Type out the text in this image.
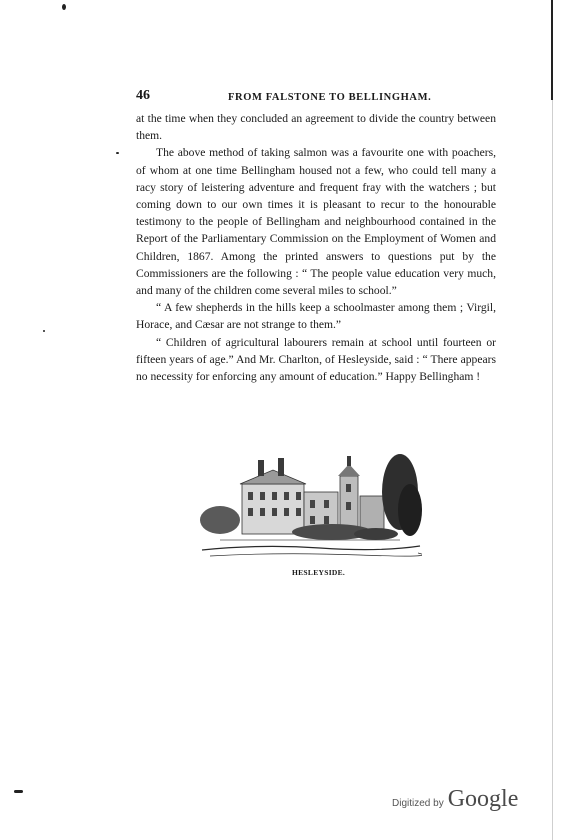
46	FROM FALSTONE TO BELLINGHAM.

at the time when they concluded an agreement to divide the country between them.

The above method of taking salmon was a favourite one with poachers, of whom at one time Bellingham housed not a few, who could tell many a racy story of leistering adventure and frequent fray with the watchers ; but coming down to our own times it is pleasant to recur to the honourable testimony to the people of Bellingham and neighbourhood contained in the Report of the Parliamentary Commission on the Employment of Women and Children, 1867. Among the printed answers to questions put by the Commissioners are the following : “ The people value education very much, and many of the children come several miles to school.”

“ A few shepherds in the hills keep a schoolmaster among them ; Virgil, Horace, and Cæsar are not strange to them.”

“ Children of agricultural labourers remain at school until fourteen or fifteen years of age.” And Mr. Charlton, of Hesleyside, said : “ There appears no necessity for enforcing any amount of education.” Happy Bellingham !

HESLEYSIDE.
Digitized by Google
